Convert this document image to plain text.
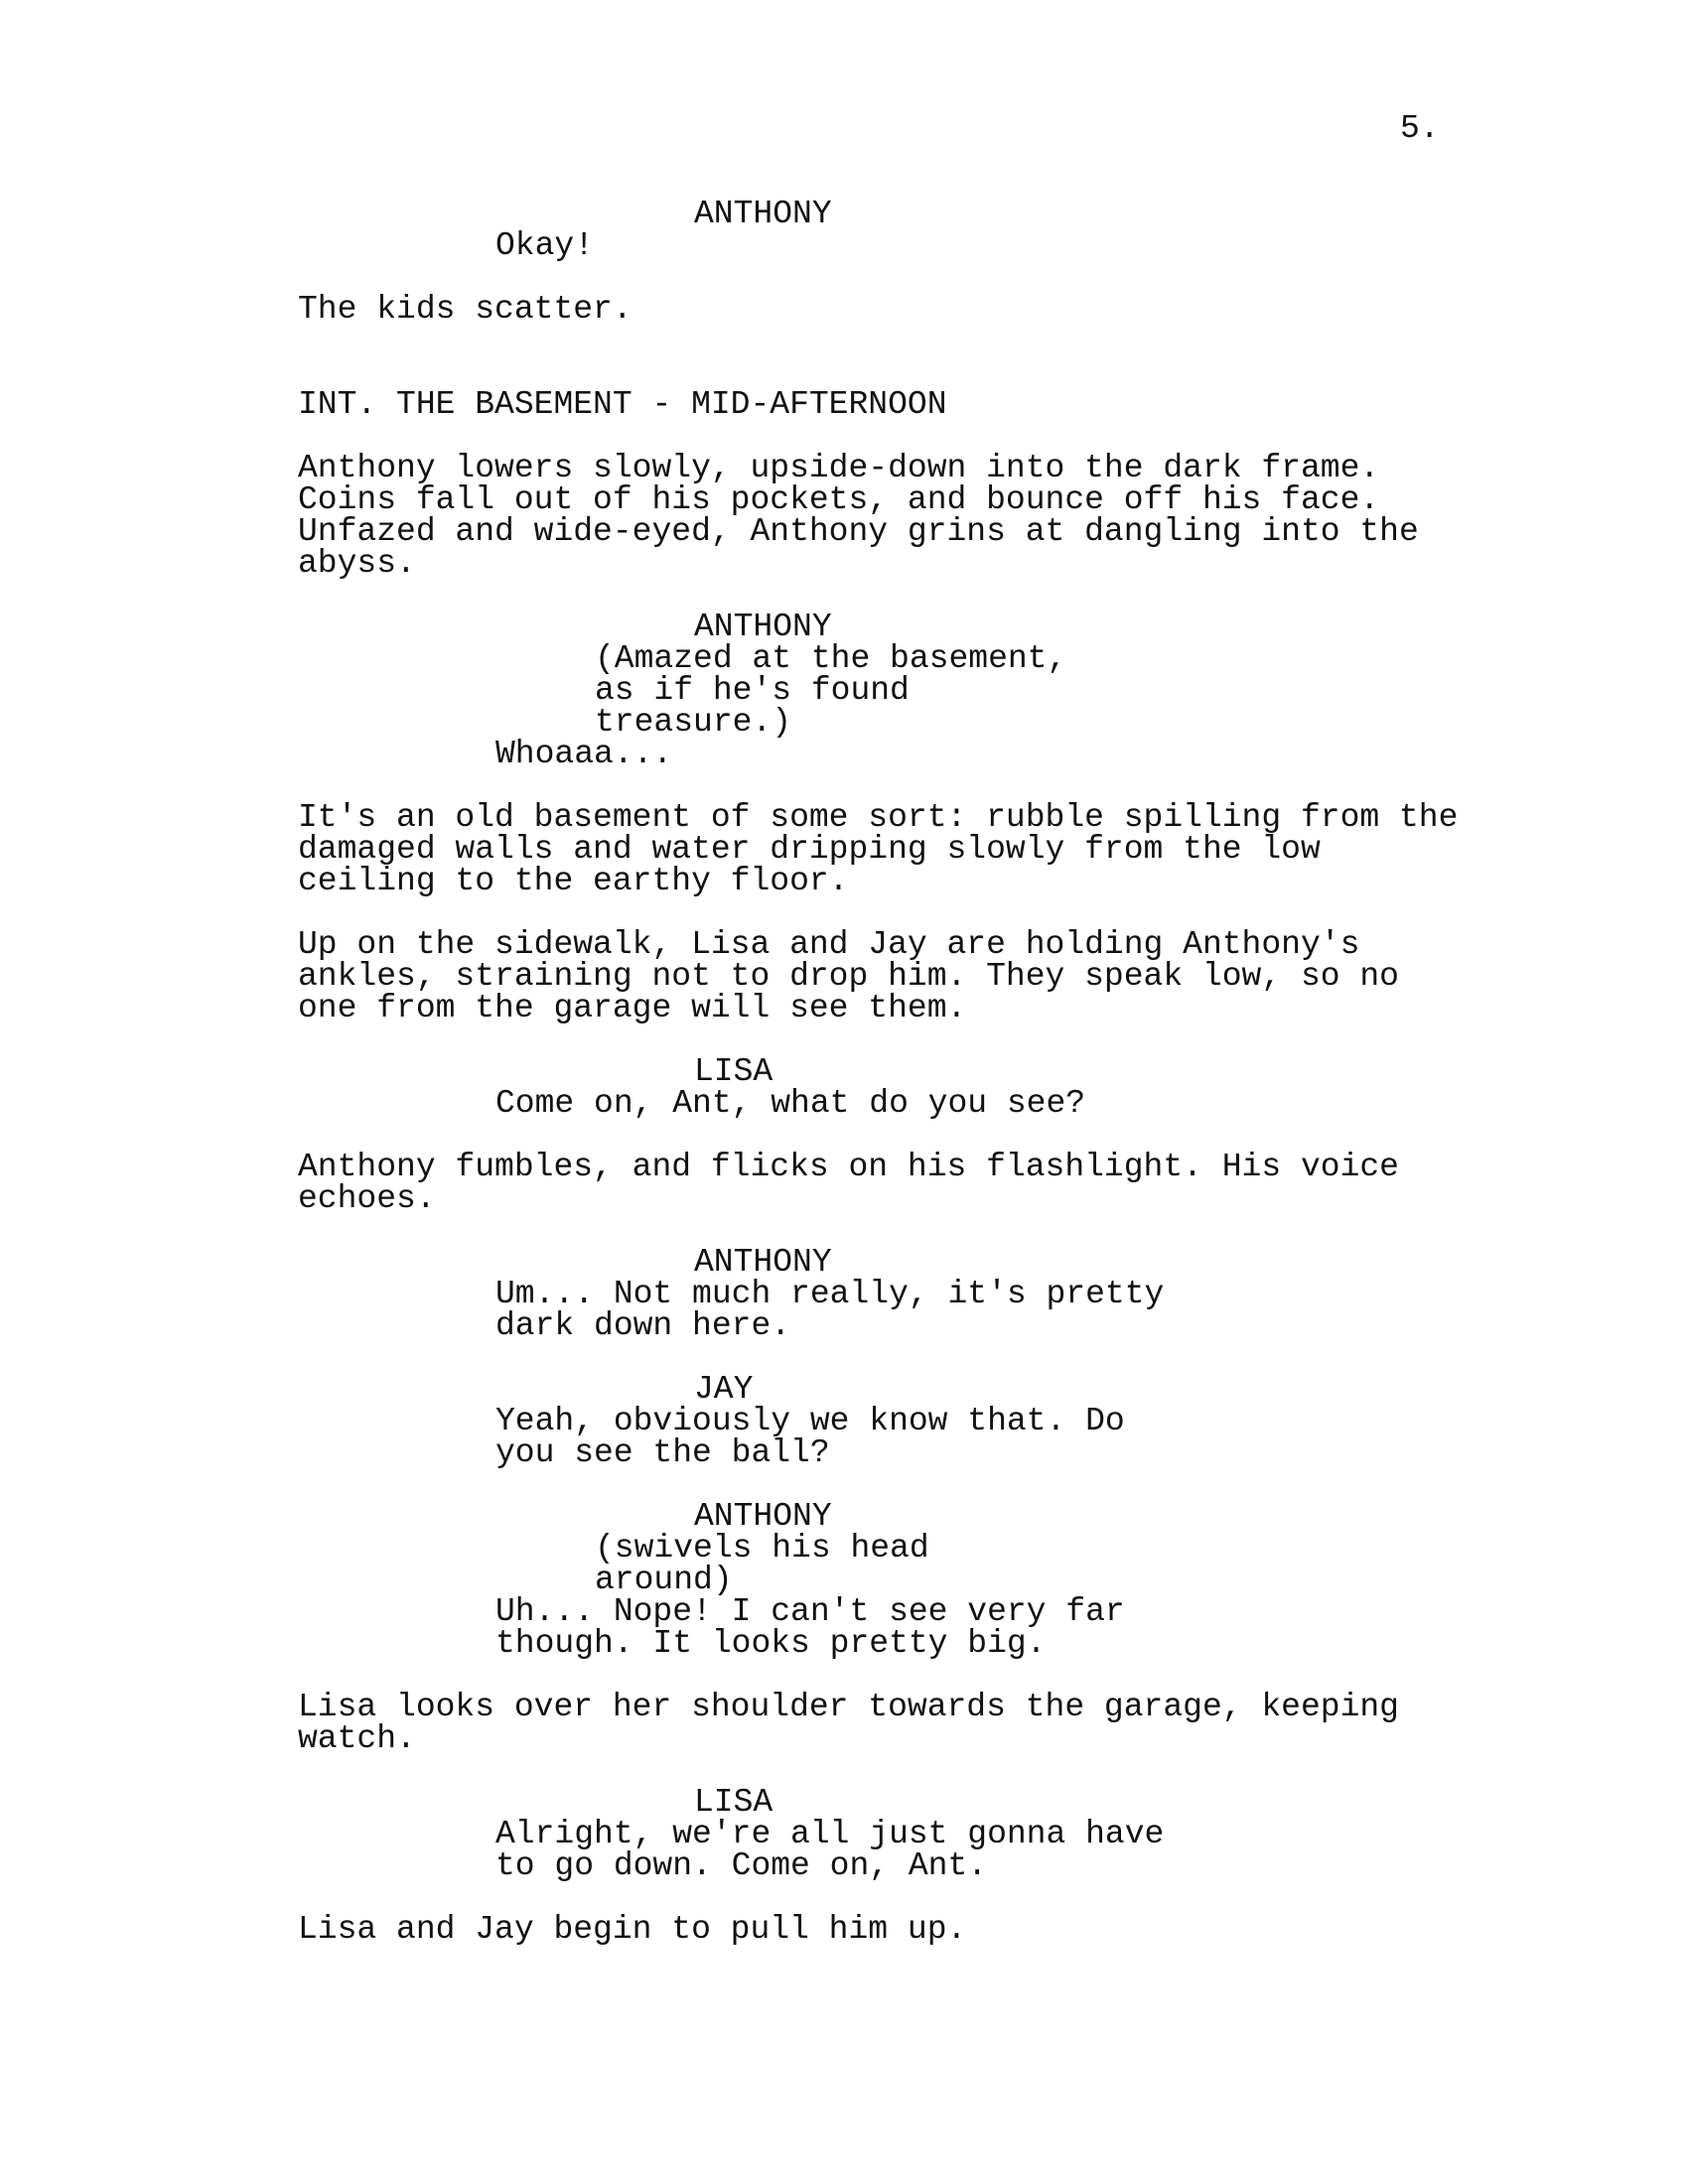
5.
ANTHONY
Okay!
The kids scatter.
INT. THE BASEMENT - MID-AFTERNOON
Anthony lowers slowly, upside-down into the dark frame.
Coins fall out of his pockets, and bounce off his face.
Unfazed and wide-eyed, Anthony grins at dangling into the
abyss.
ANTHONY
(Amazed at the basement,
as if he's found
treasure.)
Whoaaa...
It's an old basement of some sort: rubble spilling from the
damaged walls and water dripping slowly from the low
ceiling to the earthy floor.
Up on the sidewalk, Lisa and Jay are holding Anthony's
ankles, straining not to drop him. They speak low, so no
one from the garage will see them.
LISA
Come on, Ant, what do you see?
Anthony fumbles, and flicks on his flashlight. His voice
echoes.
ANTHONY
Um... Not much really, it's pretty
dark down here.
JAY
Yeah, obviously we know that. Do
you see the ball?
ANTHONY
(swivels his head
around)
Uh... Nope! I can't see very far
though. It looks pretty big.
Lisa looks over her shoulder towards the garage, keeping
watch.
LISA
Alright, we're all just gonna have
to go down. Come on, Ant.
Lisa and Jay begin to pull him up.
